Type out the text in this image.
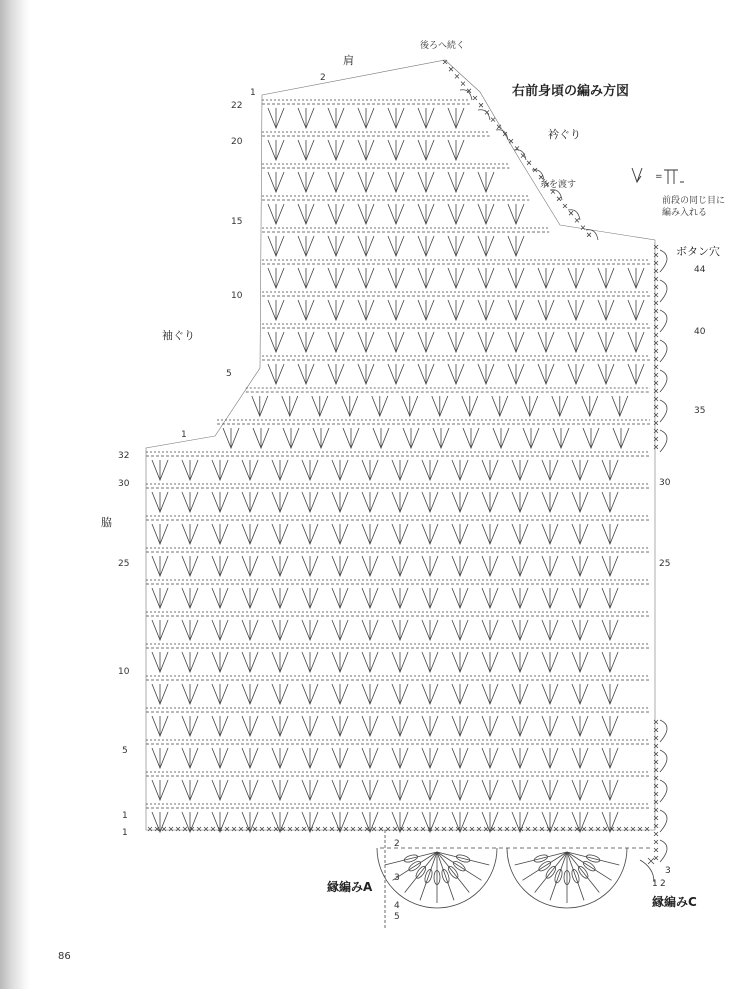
右前身頃の編み方図
肩
後ろへ続く
衿ぐり
糸を渡す
ボタン穴
袖ぐり
脇
縁編みA
縁編みC
=
前段の同じ目に
編み入れる
86
1
2
22
20
15
10
5
1
32
30
25
10
5
1
1
44
40
35
30
25
2
3
4
5
3
1 2
